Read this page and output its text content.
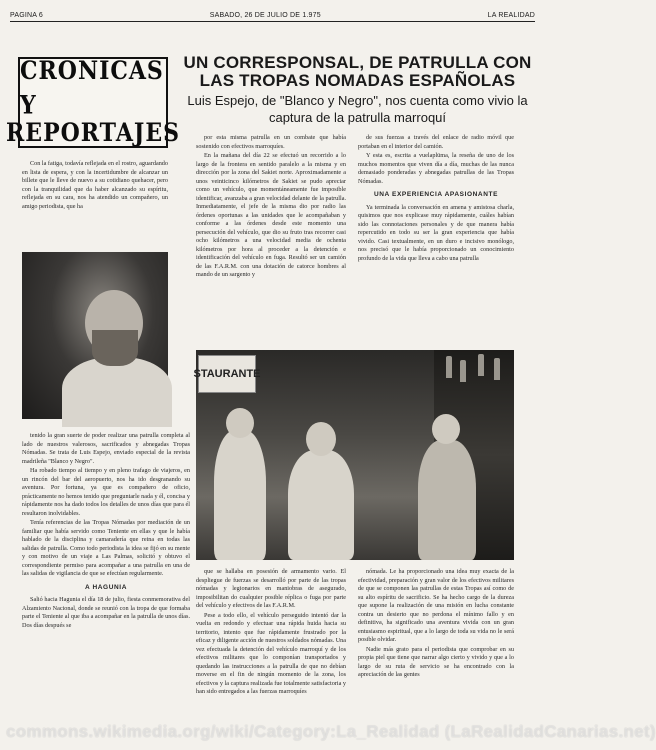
PAGINA 6	SABADO, 26 DE JULIO DE 1.975	LA REALIDAD
CRONICAS Y
REPORTAJES
UN CORRESPONSAL, DE PATRULLA CON LAS TROPAS NOMADAS ESPAÑOLAS
Luis Espejo, de "Blanco y Negro", nos cuenta como vivio la captura de la patrulla marroquí

Con la fatiga, todavía reflejada en el rostro, aguardando en lista de espera, y con la incertidumbre de alcanzar un billete que le lleve de nuevo a su cotidiano quehacer, pero con la tranquilidad que da haber alcanzado su espíritu, reflejada en su cara, nos ha atendido un compañero, un amigo periodista, que ha

tenido la gran suerte de poder realizar una patrulla completa al lado de nuestros valerosos, sacrificados y abnegadas Tropas Nómadas. Se trata de Luis Espejo, enviado especial de la revista madrileña "Blanco y Negro".

Ha robado tiempo al tiempo y en pleno trafago de viajeros, en un rincón del bar del aeropuerto, nos ha ido desgranando su aventura. Por fortuna, ya que es compañero de oficio, prácticamente no hemos tenido que preguntarle nada y él, concisa y rápidamente nos ha dado todos los detalles de unos días que para él resultaron inolvidables.

Tenía referencias de las Tropas Nómadas por mediación de un familiar que había servido como Teniente en ellas y que le había hablado de la disciplina y camaradería que reina en todas las salidas de patrulla. Como todo periodista la idea se fijó en su mente y con motivo de un viaje a Las Palmas, solicitó y obtuvo el correspondiente permiso para acompañar a una patrulla en una de las salidas de vigilancia de que se efectúan regularmente.

A HAGUNIA

Salió hacia Hagunia el día 18 de julio, fiesta conmemorativa del Alzamiento Nacional, donde se reunió con la tropa de que formaba parte el Teniente al que iba a acompañar en la patrulla de unos días. Dos días después se

por esta misma patrulla en un combate que había sostenido con efectivos marroquíes.

En la mañana del día 22 se efectuó un recorrido a lo largo de la frontera en sentido paralelo a la misma y en dirección por la zona del Sakiet norte. Aproximadamente a unos veinticinco kilómetros de Sakiet se pudo apreciar como un vehículo, que momentáneamente fue imposible identificar, avanzaba a gran velocidad delante de la patrulla. Inmediatamente, el jefe de la misma dio por radio las órdenes oportunas a las unidades que le acompañaban y conforme a las órdenes desde este momento una persecución del vehículo, que dio su fruto tras recorrer casi ocho kilómetros a una velocidad media de ochenta kilómetros por hora al proceder a la detención e identificación del vehículo en fuga. Resultó ser un camión de las F.A.R.M. con una dotación de catorce hombres al mando de un sargento y

de sus fuerzas a través del enlace de radio móvil que portaban en el interior del camión.

Y esta es, escrita a vuelaplüma, la reseña de uno de los muchos momentos que viven día a día, muchas de las nunca demasiado ponderadas y abnegadas patrullas de las Tropas Nómadas.

UNA EXPERIENCIA APASIONANTE

Ya terminada la conversación en amena y amistosa charla, quisimos que nos explicase muy rápidamente, cuáles habían sido las connotaciones personales y de que manera había repercutido en todo su ser la gran experiencia que había vivido. Casi textualmente, en un duro e incisivo monólogo, nos precisó que le había proporcionado un conocimiento profundo de la vida que lleva a cabo una patrulla

STAURANTE

que se hallaba en posesión de armamento vario. El despliegue de fuerzas se desarrolló por parte de las tropas nómadas y legionarios en maniobras de asegurado, imposibilitan do cualquier posible réplica o fuga por parte del vehículo y efectivos de las F.A.R.M.

Pese a todo ello, el vehículo perseguido intentó dar la vuelta en redondo y efectuar una rápida huida hacia su territorio, intento que fue rápidamente frustrado por la eficaz y diligente acción de nuestros soldados nómadas. Una vez efectuada la detención del vehículo marroquí y de los efectivos militares que lo componían transportados y quedando las instrucciones a la patrulla de que no debían moverse en el fin de ningún momento de la zona, los efectivos y la captura realizada fue totalmente satisfactoria y han sido entregados a las fuerzas marroquíes

nómada. Le ha proporcionado una idea muy exacta de la efectividad, preparación y gran valor de los efectivos militares de que se componen las patrullas de estas Tropas así como de su alto espíritu de sacrificio. Se ha hecho cargo de la dureza que supone la realización de una misión en lucha constante contra un desierto que no perdona el mínimo fallo y en definitiva, ha significado una aventura vivida con un gran entusiasmo espiritual, que a lo largo de toda su vida no le será posible olvidar.

Nadie más grato para el periodista que comprobar en su propia piel que tiene que narrar algo cierto y vivido y que a lo largo de su ruta de servicio se ha encontrado con la apreciación de las gentes

commons.wikimedia.org/wiki/Category:La_Realidad (LaRealidadCanarias.net)
